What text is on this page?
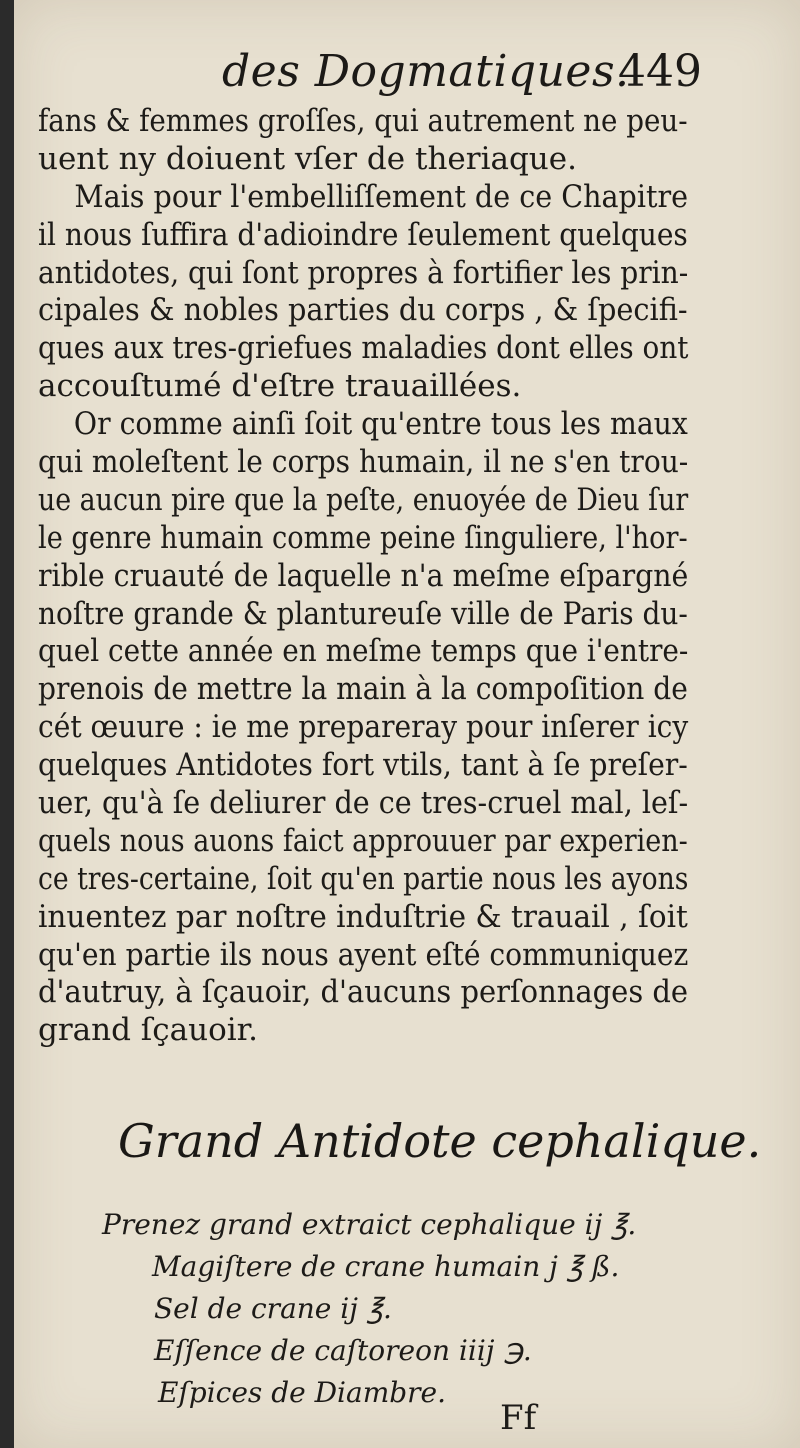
des Dogmatiques.
449
fans & femmes groſſes, qui autrement ne peu-
uent ny doiuent vſer de theriaque.
Mais pour l'embelliſſement de ce Chapitre
il nous ſuffira d'adioindre ſeulement quelques
antidotes, qui ſont propres à fortifier les prin-
cipales & nobles parties du corps , & ſpecifi-
ques aux tres-griefues maladies dont elles ont
accouſtumé d'eſtre trauaillées.
Or comme ainſi ſoit qu'entre tous les maux
qui moleſtent le corps humain, il ne s'en trou-
ue aucun pire que la peſte, enuoyée de Dieu ſur
le genre humain comme peine ſinguliere, l'hor-
rible cruauté de laquelle n'a meſme eſpargné
noſtre grande & plantureuſe ville de Paris du-
quel cette année en meſme temps que i'entre-
prenois de mettre la main à la compoſition de
cét œuure : ie me prepareray pour inſerer icy
quelques Antidotes fort vtils, tant à ſe preſer-
uer, qu'à ſe deliurer de ce tres-cruel mal, leſ-
quels nous auons faict approuuer par experien-
ce tres-certaine, ſoit qu'en partie nous les ayons
inuentez par noſtre induſtrie & trauail , ſoit
qu'en partie ils nous ayent eſté communiquez
d'autruy, à ſçauoir, d'aucuns perſonnages de
grand ſçauoir.
Grand Antidote cephalique.
Prenez grand extraict cephalique ij ℥.
Magiſtere de crane humain j ℥ ß.
Sel de crane ij ℥.
Eſſence de caſtoreon iiij ℈.
Eſpices de Diambre.
Ff
